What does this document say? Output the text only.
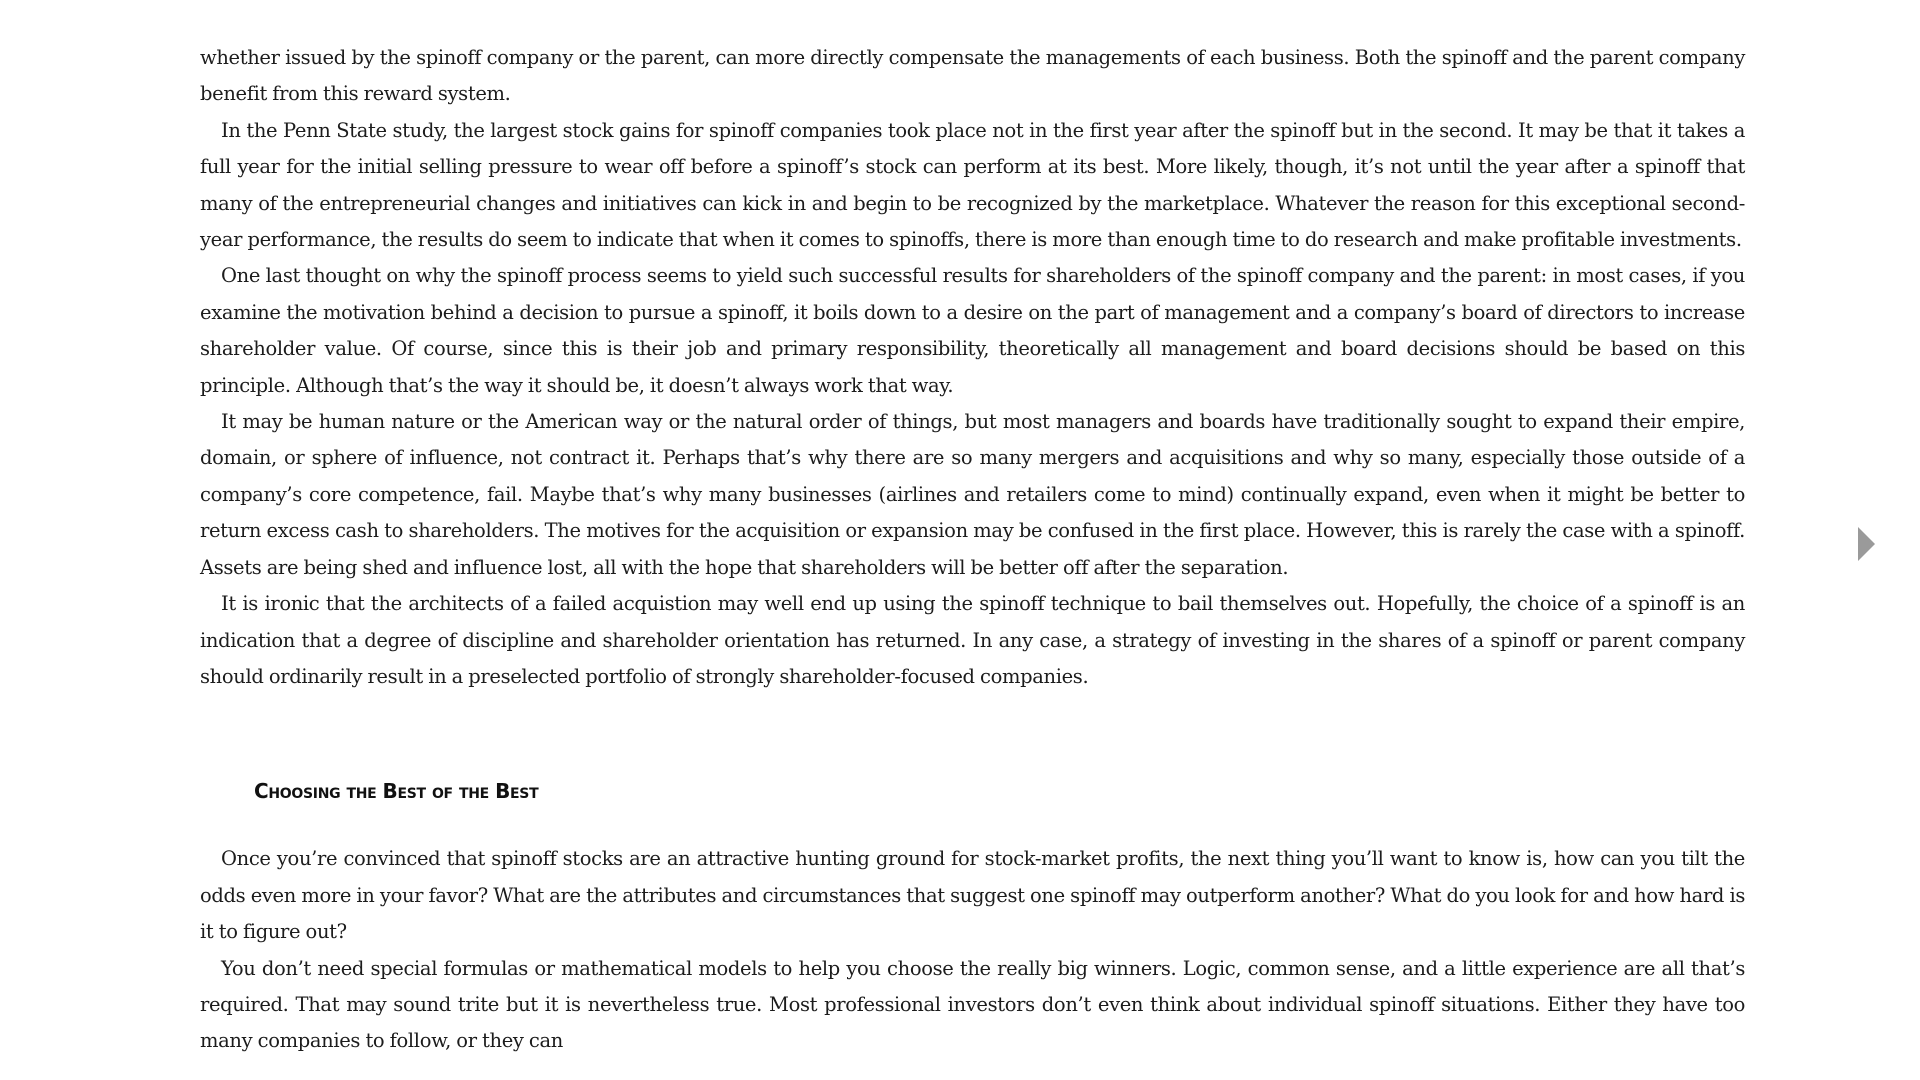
whether issued by the spinoff company or the parent, can more directly compensate the managements of each business. Both the spinoff and the parent company benefit from this reward system.

In the Penn State study, the largest stock gains for spinoff companies took place not in the first year after the spinoff but in the second. It may be that it takes a full year for the initial selling pressure to wear off before a spinoff’s stock can perform at its best. More likely, though, it’s not until the year after a spinoff that many of the entrepreneurial changes and initiatives can kick in and begin to be recognized by the marketplace. Whatever the reason for this exceptional second-year performance, the results do seem to indicate that when it comes to spinoffs, there is more than enough time to do research and make profitable investments.

One last thought on why the spinoff process seems to yield such successful results for shareholders of the spinoff company and the parent: in most cases, if you examine the motivation behind a decision to pursue a spinoff, it boils down to a desire on the part of management and a company’s board of directors to increase shareholder value. Of course, since this is their job and primary responsibility, theoretically all management and board decisions should be based on this principle. Although that’s the way it should be, it doesn’t always work that way.

It may be human nature or the American way or the natural order of things, but most managers and boards have traditionally sought to expand their empire, domain, or sphere of influence, not contract it. Perhaps that’s why there are so many mergers and acquisitions and why so many, especially those outside of a company’s core competence, fail. Maybe that’s why many businesses (airlines and retailers come to mind) continually expand, even when it might be better to return excess cash to shareholders. The motives for the acquisition or expansion may be confused in the first place. However, this is rarely the case with a spinoff. Assets are being shed and influence lost, all with the hope that shareholders will be better off after the separation.

It is ironic that the architects of a failed acquistion may well end up using the spinoff technique to bail themselves out. Hopefully, the choice of a spinoff is an indication that a degree of discipline and shareholder orientation has returned. In any case, a strategy of investing in the shares of a spinoff or parent company should ordinarily result in a preselected portfolio of strongly shareholder-focused companies.

Choosing the Best of the Best

Once you’re convinced that spinoff stocks are an attractive hunting ground for stock-market profits, the next thing you’ll want to know is, how can you tilt the odds even more in your favor? What are the attributes and circumstances that suggest one spinoff may outperform another? What do you look for and how hard is it to figure out?

You don’t need special formulas or mathematical models to help you choose the really big winners. Logic, common sense, and a little experience are all that’s required. That may sound trite but it is nevertheless true. Most professional investors don’t even think about individual spinoff situations. Either they have too many companies to follow, or they can
